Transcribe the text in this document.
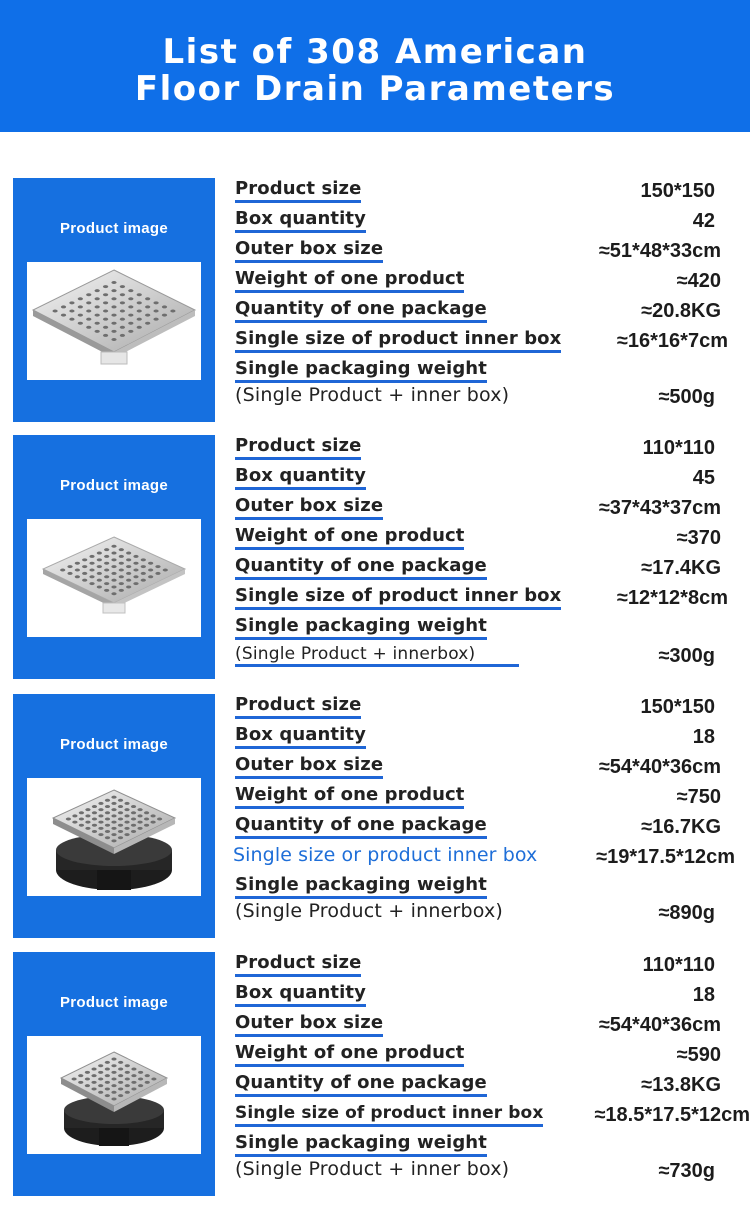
List of 308 American
Floor Drain Parameters
Product image
Product size	150*150
Box quantity	42
Outer box size	≈51*48*33cm
Weight of one product	≈420
Quantity of one package	≈20.8KG
Single size of product inner box	≈16*16*7cm
Single packaging weight
(Single Product + inner box)	≈500g
Product image
Product size	110*110
Box quantity	45
Outer box size	≈37*43*37cm
Weight of one product	≈370
Quantity of one package	≈17.4KG
Single size of product inner box	≈12*12*8cm
Single packaging weight
(Single Product + innerbox)	≈300g
Product image
Product size	150*150
Box quantity	18
Outer box size	≈54*40*36cm
Weight of one product	≈750
Quantity of one package	≈16.7KG
Single size or product inner box	≈19*17.5*12cm
Single packaging weight
(Single Product + innerbox)	≈890g
Product image
Product size	110*110
Box quantity	18
Outer box size	≈54*40*36cm
Weight of one product	≈590
Quantity of one package	≈13.8KG
Single size of product inner box	≈18.5*17.5*12cm
Single packaging weight
(Single Product + inner box)	≈730g
